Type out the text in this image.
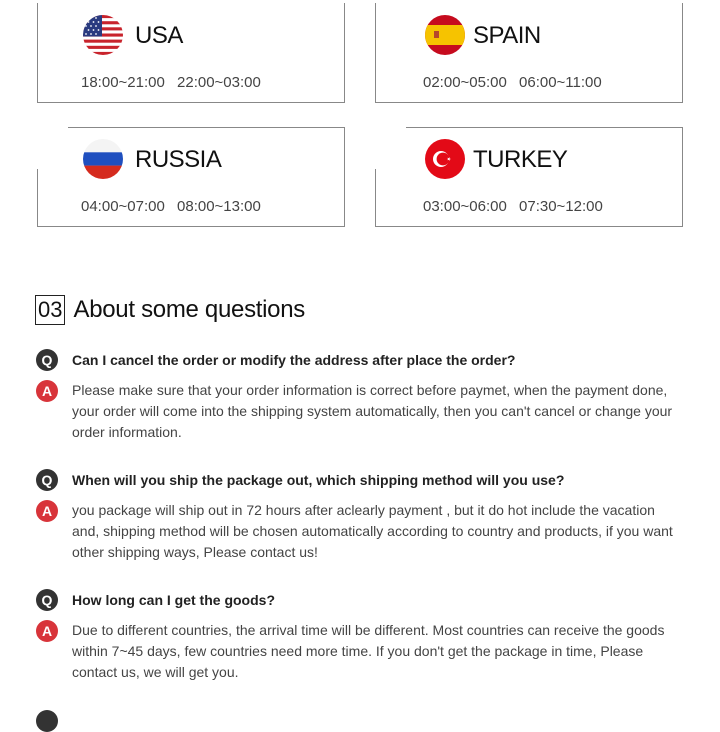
USA
18:00~21:00 22:00~03:00
SPAIN
02:00~05:00 06:00~11:00
RUSSIA
04:00~07:00 08:00~13:00
TURKEY
03:00~06:00 07:30~12:00
03 About some questions
Q	Can I cancel the order or modify the address after place the order?
A	Please make sure that your order information is correct before paymet, when the payment done, your order will come into the shipping system automatically, then you can't cancel or change your order information.
Q	When will you ship the package out, which shipping method will you use?
A	you package will ship out in 72 hours after aclearly payment , but it do hot include the vacation and, shipping method will be chosen automatically according to country and products, if you want other shipping ways, Please contact us!
Q	How long can I get the goods?
A	Due to different countries, the arrival time will be different. Most countries can receive the goods within 7~45 days, few countries need more time. If you don't get the package in time, Please contact us, we will get you.
